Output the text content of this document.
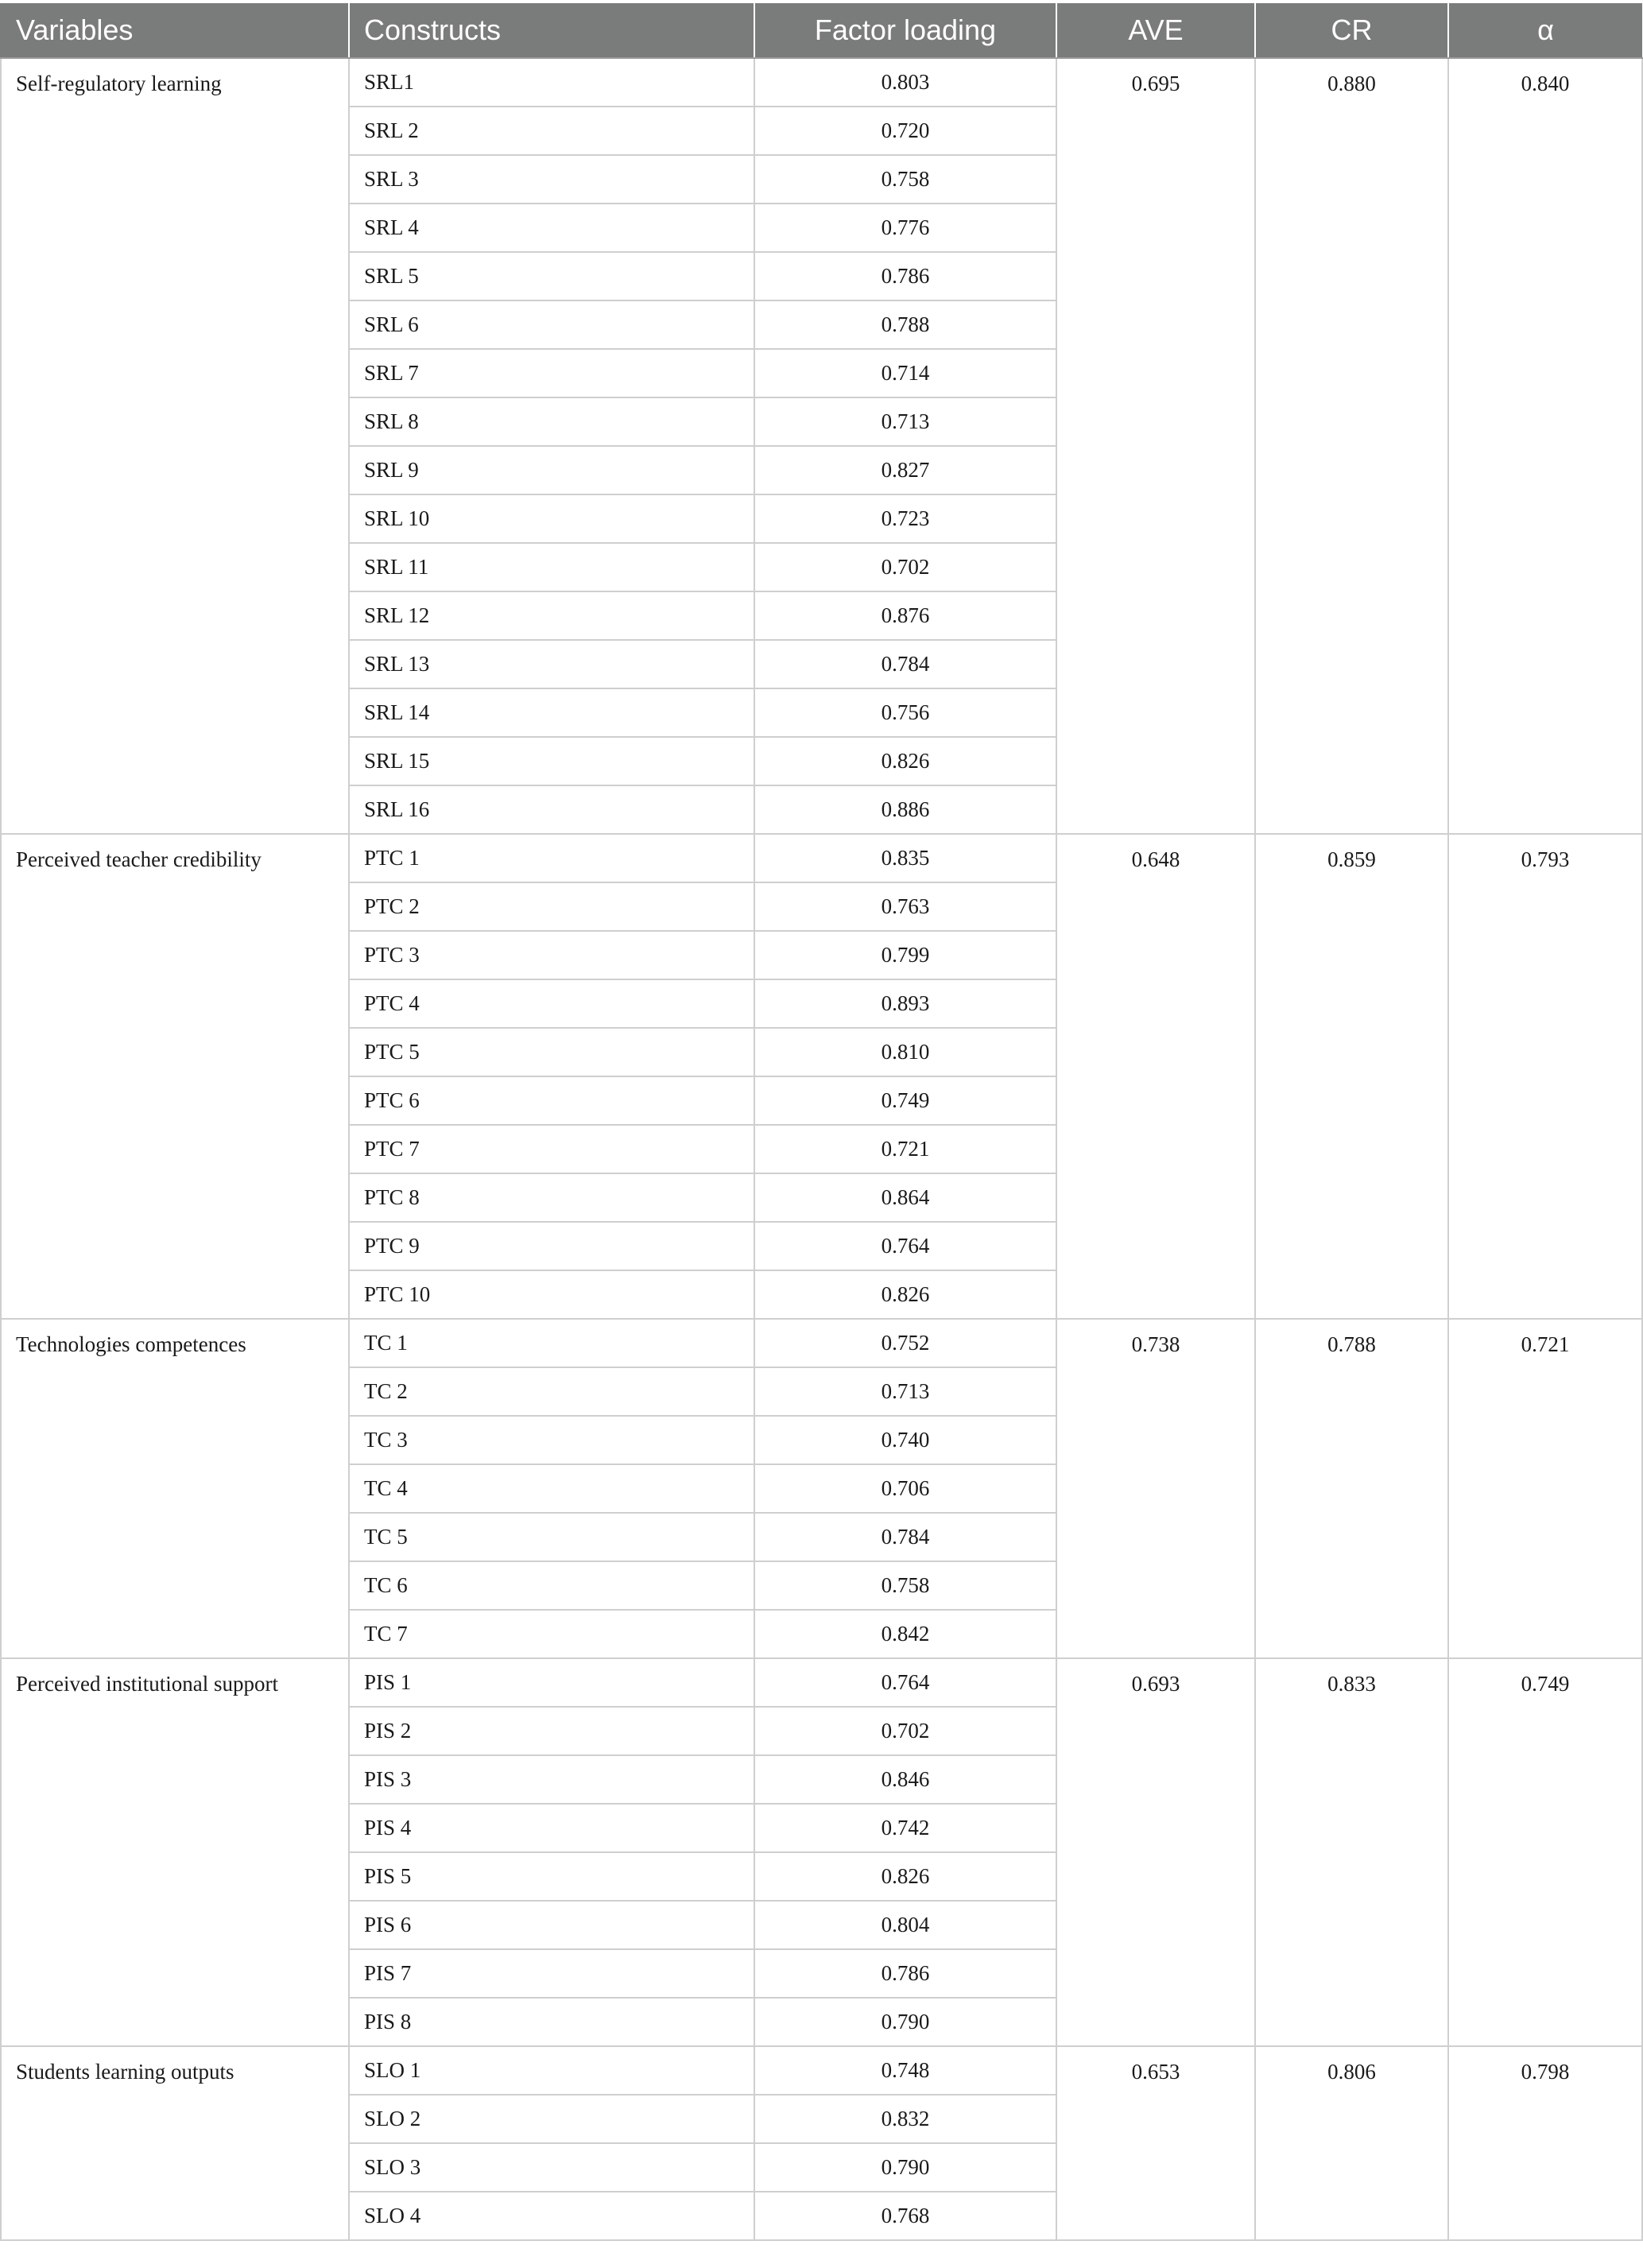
Variables	Constructs	Factor loading	AVE	CR	α
Self-regulatory learning	SRL1	0.803	0.695	0.880	0.840
	SRL 2	0.720			
	SRL 3	0.758			
	SRL 4	0.776			
	SRL 5	0.786			
	SRL 6	0.788			
	SRL 7	0.714			
	SRL 8	0.713			
	SRL 9	0.827			
	SRL 10	0.723			
	SRL 11	0.702			
	SRL 12	0.876			
	SRL 13	0.784			
	SRL 14	0.756			
	SRL 15	0.826			
	SRL 16	0.886			
Perceived teacher credibility	PTC 1	0.835	0.648	0.859	0.793
	PTC 2	0.763			
	PTC 3	0.799			
	PTC 4	0.893			
	PTC 5	0.810			
	PTC 6	0.749			
	PTC 7	0.721			
	PTC 8	0.864			
	PTC 9	0.764			
	PTC 10	0.826			
Technologies competences	TC 1	0.752	0.738	0.788	0.721
	TC 2	0.713			
	TC 3	0.740			
	TC 4	0.706			
	TC 5	0.784			
	TC 6	0.758			
	TC 7	0.842			
Perceived institutional support	PIS 1	0.764	0.693	0.833	0.749
	PIS 2	0.702			
	PIS 3	0.846			
	PIS 4	0.742			
	PIS 5	0.826			
	PIS 6	0.804			
	PIS 7	0.786			
	PIS 8	0.790			
Students learning outputs	SLO 1	0.748	0.653	0.806	0.798
	SLO 2	0.832			
	SLO 3	0.790			
	SLO 4	0.768			
